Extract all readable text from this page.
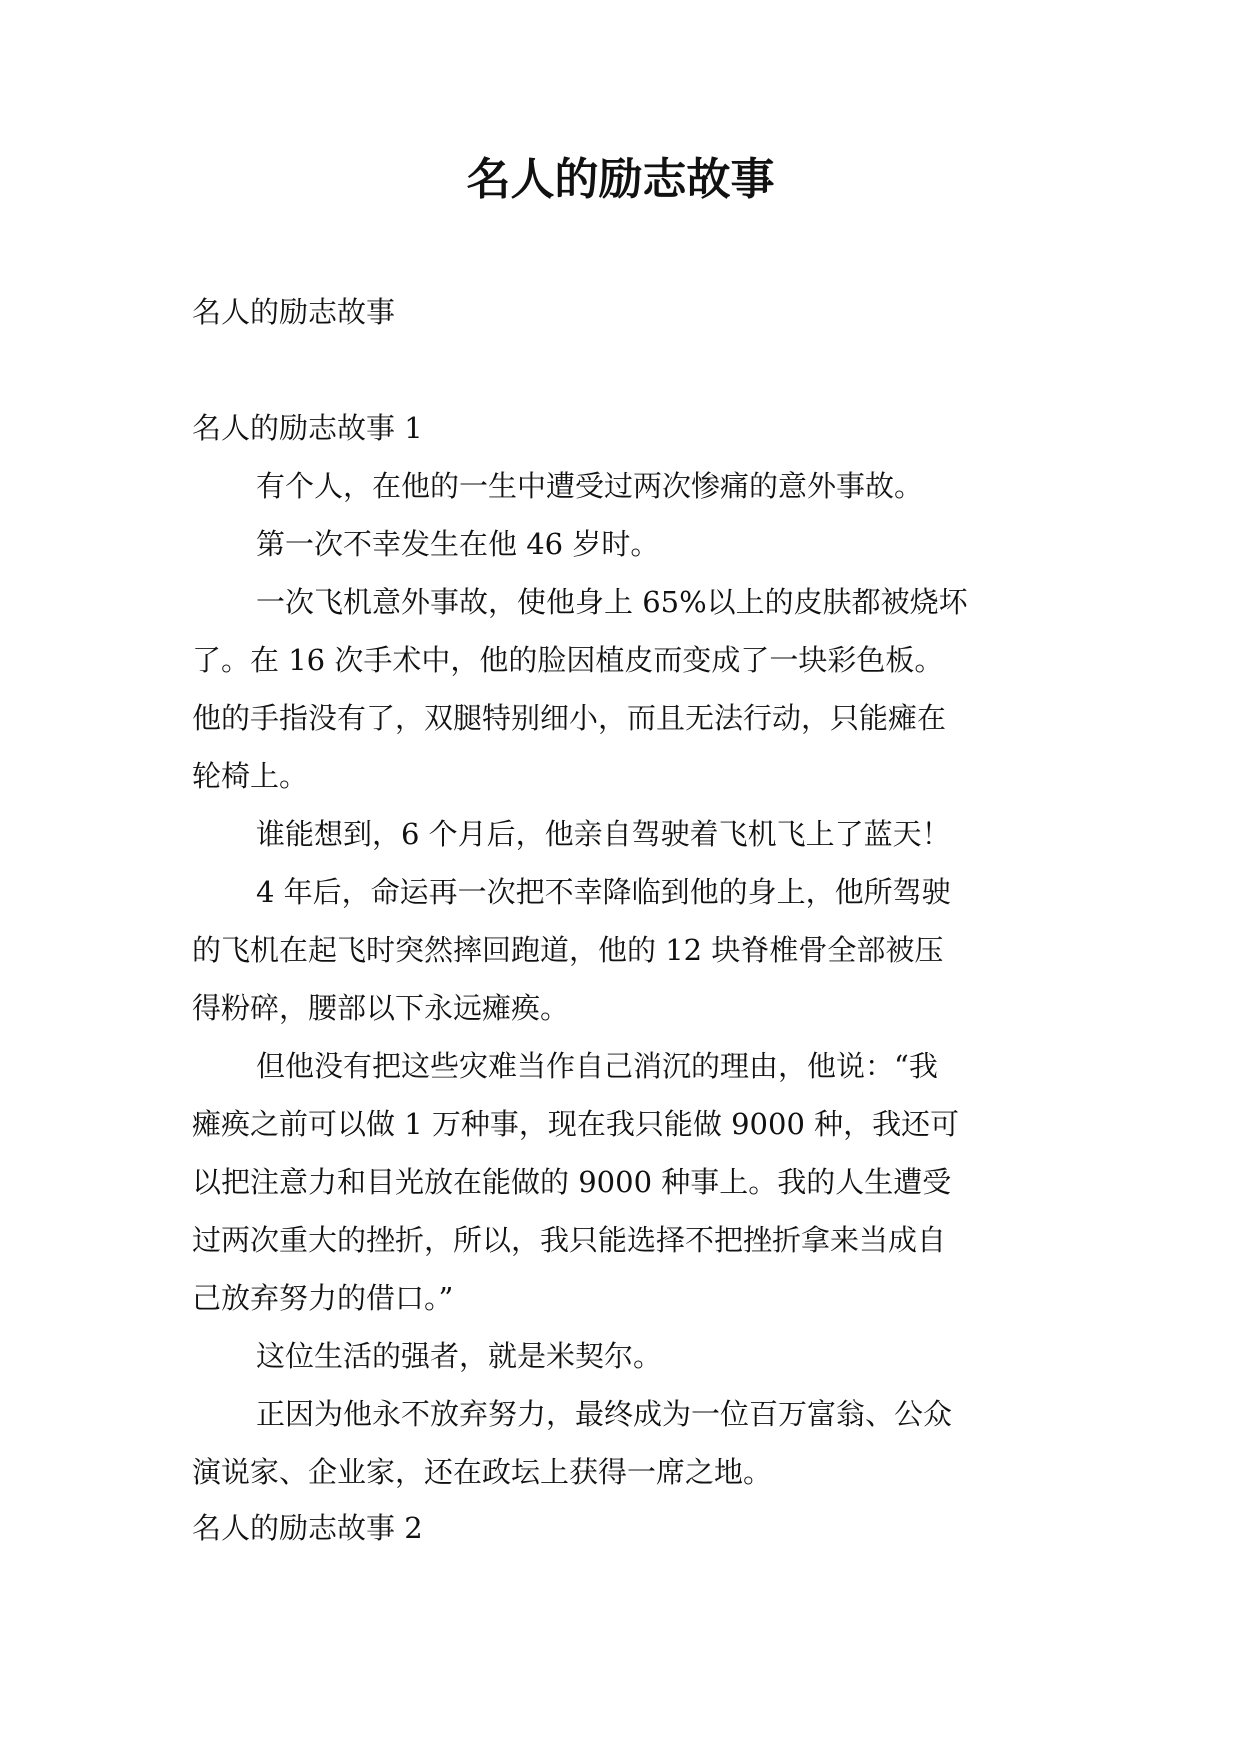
名人的励志故事

名人的励志故事

名人的励志故事 1

有个人，在他的一生中遭受过两次惨痛的意外事故。

第一次不幸发生在他 46 岁时。

一次飞机意外事故，使他身上 65%以上的皮肤都被烧坏

了。在 16 次手术中，他的脸因植皮而变成了一块彩色板。

他的手指没有了，双腿特别细小，而且无法行动，只能瘫在

轮椅上。

谁能想到，6 个月后，他亲自驾驶着飞机飞上了蓝天！

4 年后，命运再一次把不幸降临到他的身上，他所驾驶

的飞机在起飞时突然摔回跑道，他的 12 块脊椎骨全部被压

得粉碎，腰部以下永远瘫痪。

但他没有把这些灾难当作自己消沉的理由，他说：“我

瘫痪之前可以做 1 万种事，现在我只能做 9000 种，我还可

以把注意力和目光放在能做的 9000 种事上。我的人生遭受

过两次重大的挫折，所以，我只能选择不把挫折拿来当成自

己放弃努力的借口。”

这位生活的强者，就是米契尔。

正因为他永不放弃努力，最终成为一位百万富翁、公众

演说家、企业家，还在政坛上获得一席之地。

名人的励志故事 2
